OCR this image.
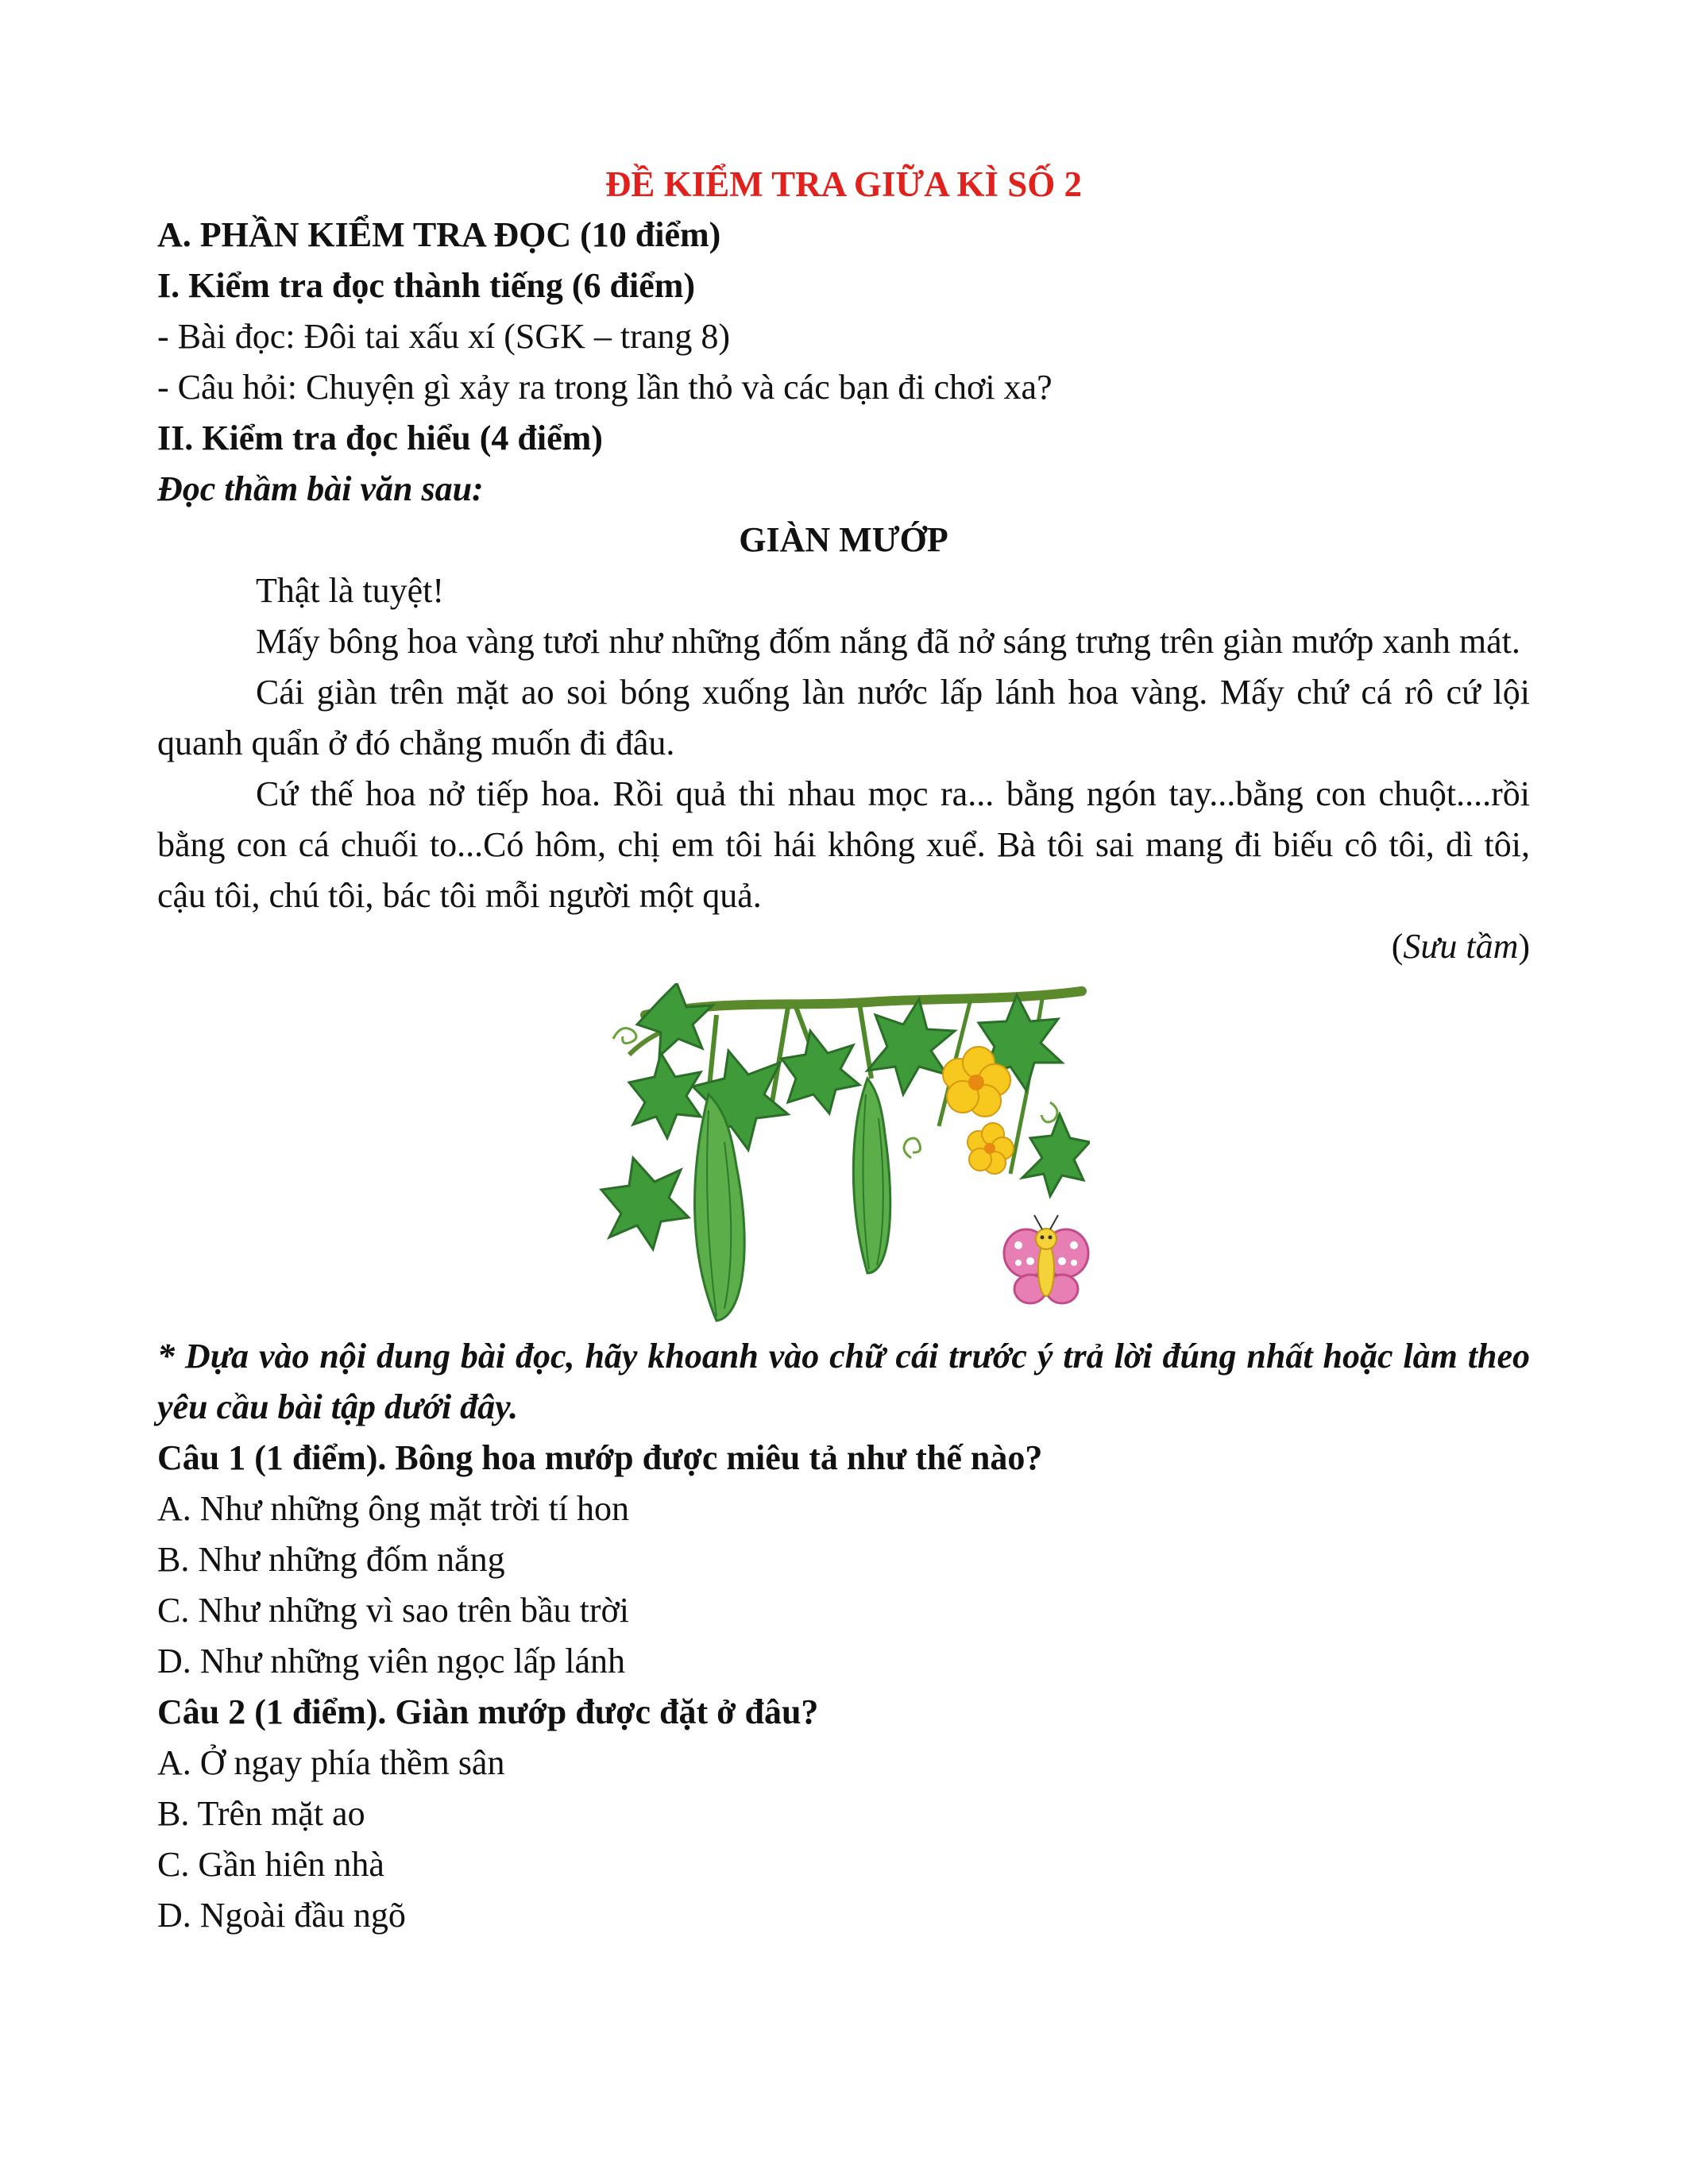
ĐỀ KIỂM TRA GIỮA KÌ SỐ 2

A. PHẦN KIỂM TRA ĐỌC (10 điểm)

I. Kiểm tra đọc thành tiếng (6 điểm)

- Bài đọc: Đôi tai xấu xí (SGK – trang 8)

- Câu hỏi: Chuyện gì xảy ra trong lần thỏ và các bạn đi chơi xa?

II. Kiểm tra đọc hiểu (4 điểm)

Đọc thầm bài văn sau:

GIÀN MƯỚP

Thật là tuyệt!

Mấy bông hoa vàng tươi như những đốm nắng đã nở sáng trưng trên giàn mướp xanh mát.

Cái giàn trên mặt ao soi bóng xuống làn nước lấp lánh hoa vàng. Mấy chứ cá rô cứ lội quanh quẩn ở đó chẳng muốn đi đâu.

Cứ thế hoa nở tiếp hoa. Rồi quả thi nhau mọc ra... bằng ngón tay...bằng con chuột....rồi bằng con cá chuối to...Có hôm, chị em tôi hái không xuể. Bà tôi sai mang đi biếu cô tôi, dì tôi, cậu tôi, chú tôi, bác tôi mỗi người một quả.

(Sưu tầm)

* Dựa vào nội dung bài đọc, hãy khoanh vào chữ cái trước ý trả lời đúng nhất hoặc làm theo yêu cầu bài tập dưới đây.

Câu 1 (1 điểm). Bông hoa mướp được miêu tả như thế nào?

A. Như những ông mặt trời tí hon

B. Như những đốm nắng

C. Như những vì sao trên bầu trời

D. Như những viên ngọc lấp lánh

Câu 2 (1 điểm). Giàn mướp được đặt ở đâu?

A. Ở ngay phía thềm sân

B. Trên mặt ao

C. Gần hiên nhà

D. Ngoài đầu ngõ
